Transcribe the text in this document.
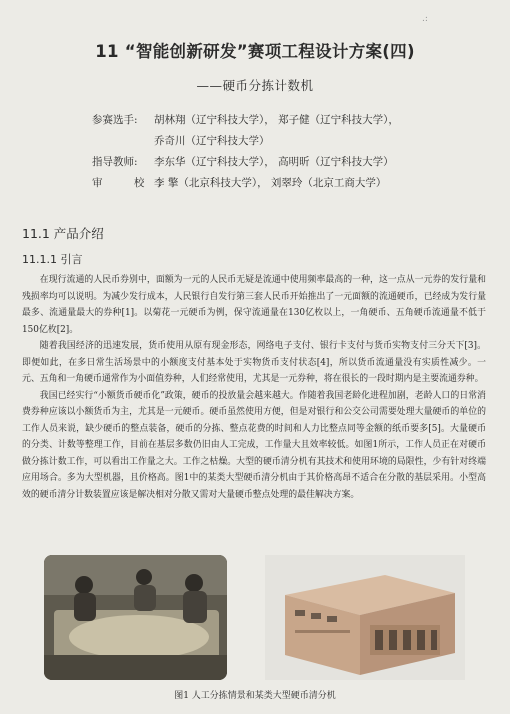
.:
11 “智能创新研发”赛项工程设计方案(四)
——硬币分拣计数机
参赛选手:	胡林翔（辽宁科技大学）， 郑子健（辽宁科技大学），
乔奇川（辽宁科技大学）
指导教师:	李东华（辽宁科技大学）， 高明昕（辽宁科技大学）
审 校:
李 擎（北京科技大学）， 刘翠玲（北京工商大学）
11.1 产品介绍
11.1.1 引言

在现行流通的人民币券别中，面额为一元的人民币无疑是流通中使用频率最高的一种，这一点从一元券的发行量和残损率均可以说明。为减少发行成本，人民银行自发行第三套人民币开始推出了一元面额的流通硬币，已经成为发行量最多、流通量最大的券种[1]。以菊花一元硬币为例，保守流通量在130亿枚以上，一角硬币、五角硬币流通量不低于150亿枚[2]。

随着我国经济的迅速发展，货币使用从原有现金形态，网络电子支付、银行卡支付与货币实物支付三分天下[3]。即便如此，在多日常生活场景中的小额度支付基本处于实物货币支付状态[4]，所以货币流通量没有实质性减少。一元、五角和一角硬币通常作为小面值券种，人们经常使用，尤其是一元券种，将在很长的一段时期内是主要流通券种。

我国已经实行“小额货币硬币化”政策，硬币的投放量会越来越大。作随着我国老龄化进程加剧，老龄人口的日常消费券种应该以小额货币为主，尤其是一元硬币。硬币虽然使用方便，但是对银行和公交公司需要处理大量硬币的单位的工作人员来说，缺少硬币的整点装备，硬币的分拣、整点花费的时间和人力比整点同等金额的纸币要多[5]。大量硬币的分类、计数等整理工作，目前在基层多数仍旧由人工完成，工作量大且效率较低。如图1所示，工作人员正在对硬币做分拣计数工作，可以看出工作量之大。工作之枯燥。大型的硬币清分机有其技术和使用环境的局限性，少有针对终端应用场合。多为大型机器，且价格高。图1中的某类大型硬币清分机由于其价格高昂不适合在分散的基层采用。小型高效的硬币清分计数装置应该是解决相对分散又需对大量硬币整点处理的最佳解决方案。

图1 人工分拣情景和某类大型硬币清分机
